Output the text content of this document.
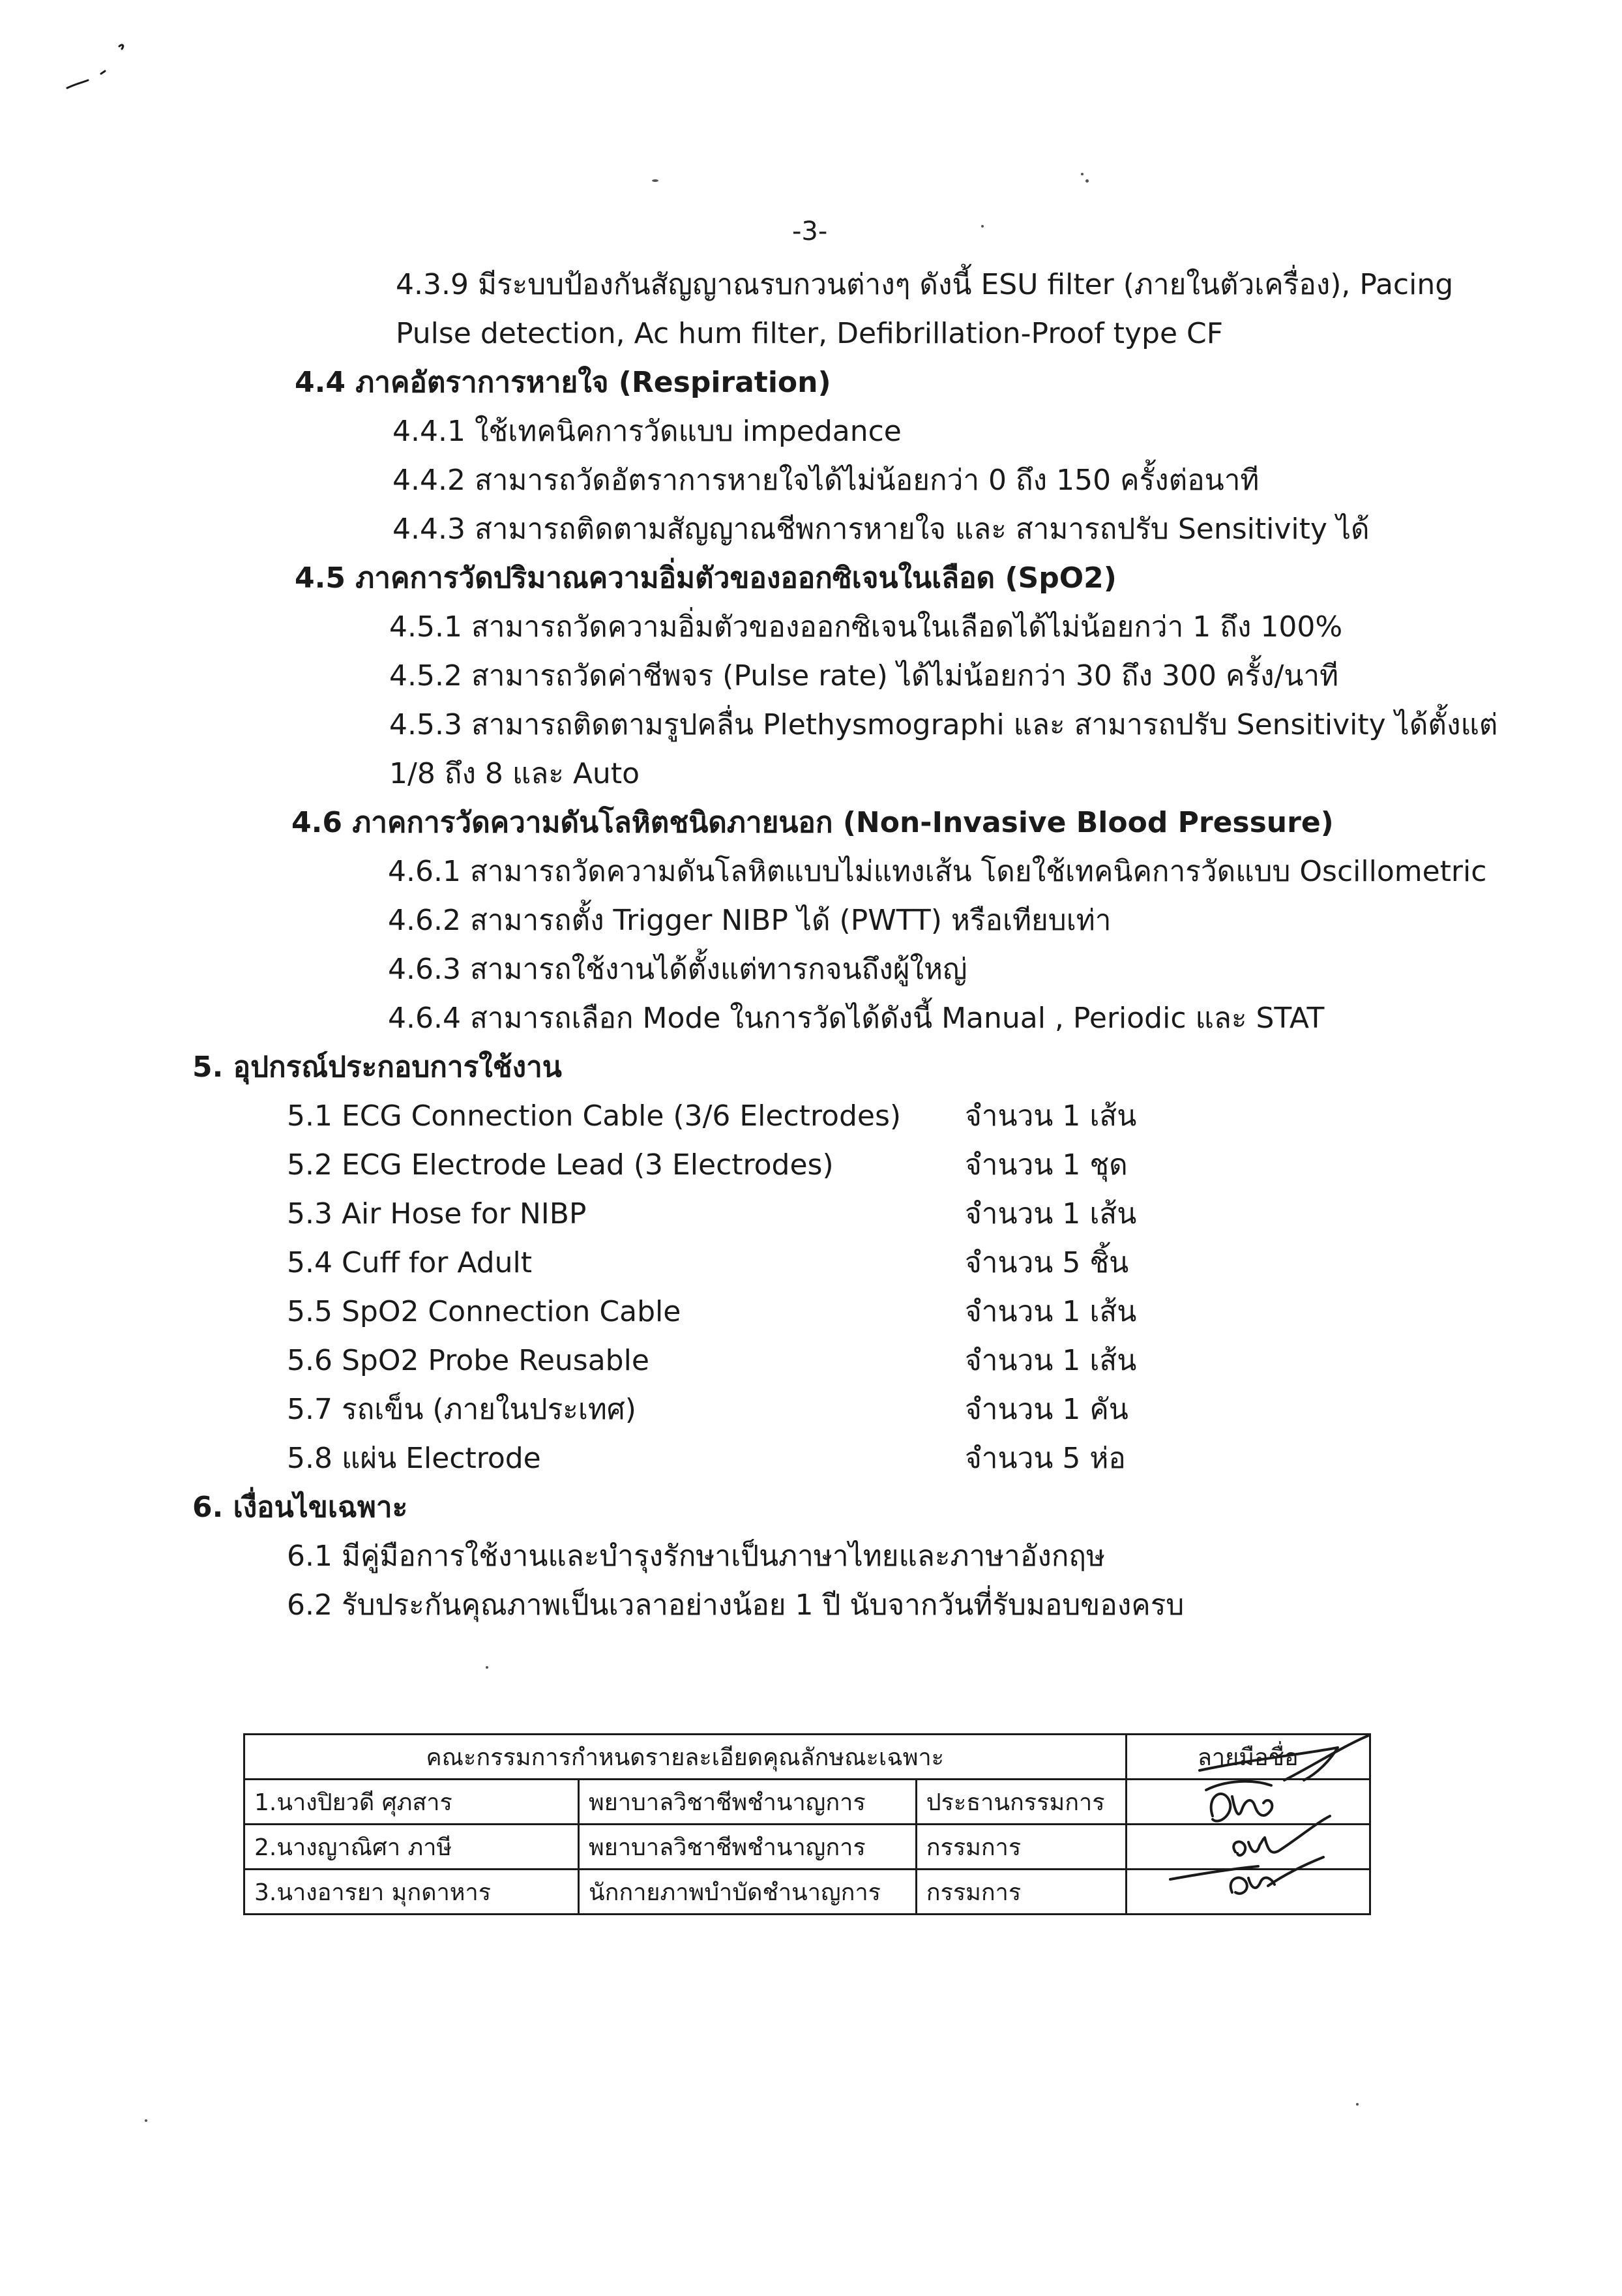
-3-
4.3.9 มีระบบป้องกันสัญญาณรบกวนต่างๆ ดังนี้ ESU filter (ภายในตัวเครื่อง), Pacing
Pulse detection, Ac hum filter, Defibrillation-Proof type CF
4.4 ภาคอัตราการหายใจ (Respiration)
4.4.1 ใช้เทคนิคการวัดแบบ impedance
4.4.2 สามารถวัดอัตราการหายใจได้ไม่น้อยกว่า 0 ถึง 150 ครั้งต่อนาที
4.4.3 สามารถติดตามสัญญาณชีพการหายใจ และ สามารถปรับ Sensitivity ได้
4.5 ภาคการวัดปริมาณความอิ่มตัวของออกซิเจนในเลือด (SpO2)
4.5.1 สามารถวัดความอิ่มตัวของออกซิเจนในเลือดได้ไม่น้อยกว่า 1 ถึง 100%
4.5.2 สามารถวัดค่าชีพจร (Pulse rate) ได้ไม่น้อยกว่า 30 ถึง 300 ครั้ง/นาที
4.5.3 สามารถติดตามรูปคลื่น Plethysmographi และ สามารถปรับ Sensitivity ได้ตั้งแต่
1/8 ถึง 8 และ Auto
4.6 ภาคการวัดความดันโลหิตชนิดภายนอก (Non-Invasive Blood Pressure)
4.6.1 สามารถวัดความดันโลหิตแบบไม่แทงเส้น โดยใช้เทคนิคการวัดแบบ Oscillometric
4.6.2 สามารถตั้ง Trigger NIBP ได้ (PWTT) หรือเทียบเท่า
4.6.3 สามารถใช้งานได้ตั้งแต่ทารกจนถึงผู้ใหญ่
4.6.4 สามารถเลือก Mode ในการวัดได้ดังนี้ Manual , Periodic และ STAT
5. อุปกรณ์ประกอบการใช้งาน
5.1 ECG Connection Cable (3/6 Electrodes) จำนวน 1 เส้น
5.2 ECG Electrode Lead (3 Electrodes)	จำนวน 1 ชุด
5.3 Air Hose for NIBP	จำนวน 1 เส้น
5.4 Cuff for Adult	จำนวน 5 ชิ้น
5.5 SpO2 Connection Cable	จำนวน 1 เส้น
5.6 SpO2 Probe Reusable	จำนวน 1 เส้น
5.7 รถเข็น (ภายในประเทศ)	จำนวน 1 คัน
5.8 แผ่น Electrode	จำนวน 5 ห่อ
6. เงื่อนไขเฉพาะ
6.1 มีคู่มือการใช้งานและบำรุงรักษาเป็นภาษาไทยและภาษาอังกฤษ
6.2 รับประกันคุณภาพเป็นเวลาอย่างน้อย 1 ปี นับจากวันที่รับมอบของครบ
คณะกรรมการกำหนดรายละเอียดคุณลักษณะเฉพาะ			ลายมือชื่อ
1.นางปิยวดี ศุภสาร	พยาบาลวิชาชีพชำนาญการ	ประธานกรรมการ	
2.นางญาณิศา ภาษี	พยาบาลวิชาชีพชำนาญการ	กรรมการ	
3.นางอารยา มุกดาหาร	นักกายภาพบำบัดชำนาญการ	กรรมการ	
